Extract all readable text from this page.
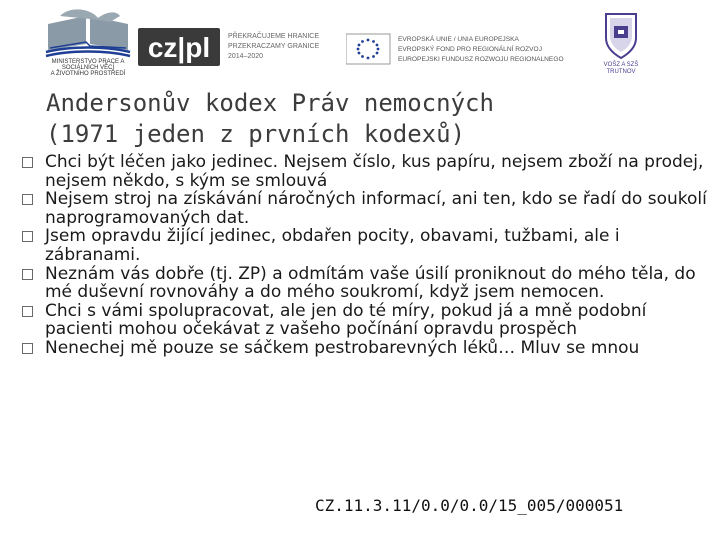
MINISTERSTVO PRÁCE A
SOCIÁLNÍCH VĚCÍ
A ŽIVOTNÍHO PROSTŘEDÍ
cz|pl	PŘEKRAČUJEME HRANICE
PRZEKRACZAMY GRANICE
2014–2020
EVROPSKÁ UNIE / UNIA EUROPEJSKA
EVROPSKÝ FOND PRO REGIONÁLNÍ ROZVOJ
EUROPEJSKI FUNDUSZ ROZWOJU REGIONALNEGO
VOŠZ A SZŠ
TRUTNOV
Andersonův kodex Práv nemocných
(1971 jeden z prvních kodexů)
Chci být léčen jako jedinec. Nejsem číslo, kus papíru, nejsem zboží na prodej, nejsem někdo, s kým se smlouvá
Nejsem stroj na získávání náročných informací, ani ten, kdo se řadí do soukolí naprogramovaných dat.
Jsem opravdu žijící jedinec, obdařen pocity, obavami, tužbami, ale i zábranami.
Neznám vás dobře (tj. ZP) a odmítám vaše úsilí proniknout do mého těla, do mé duševní rovnováhy a do mého soukromí, když jsem nemocen.
Chci s vámi spolupracovat, ale jen do té míry, pokud já a mně podobní pacienti mohou očekávat z vašeho počínání opravdu prospěch
Nenechej mě pouze se sáčkem pestrobarevných léků… Mluv se mnou
CZ.11.3.11/0.0/0.0/15_005/000051
